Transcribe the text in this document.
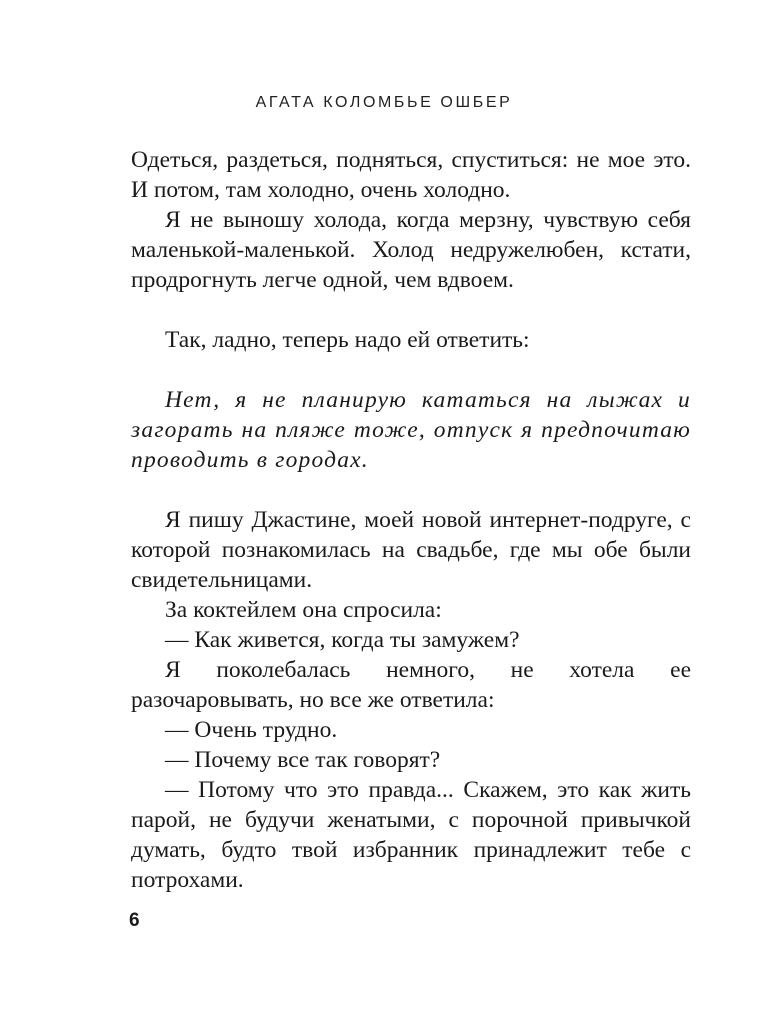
АГАТА КОЛОМБЬЕ ОШБЕР

Одеться, раздеться, подняться, спуститься: не мое это. И потом, там холодно, очень холодно.

Я не выношу холода, когда мерзну, чувствую себя маленькой-маленькой. Холод недружелюбен, кстати, продрогнуть легче одной, чем вдвоем.

Так, ладно, теперь надо ей ответить:

Нет, я не планирую кататься на лыжах и загорать на пляже тоже, отпуск я предпочитаю проводить в городах.

Я пишу Джастине, моей новой интернет-подруге, с которой познакомилась на свадьбе, где мы обе были свидетельницами.

За коктейлем она спросила:

— Как живется, когда ты замужем?

Я поколебалась немного, не хотела ее разочаровывать, но все же ответила:

— Очень трудно.

— Почему все так говорят?

— Потому что это правда... Скажем, это как жить парой, не будучи женатыми, с порочной привычкой думать, будто твой избранник принадлежит тебе с потрохами.

6
